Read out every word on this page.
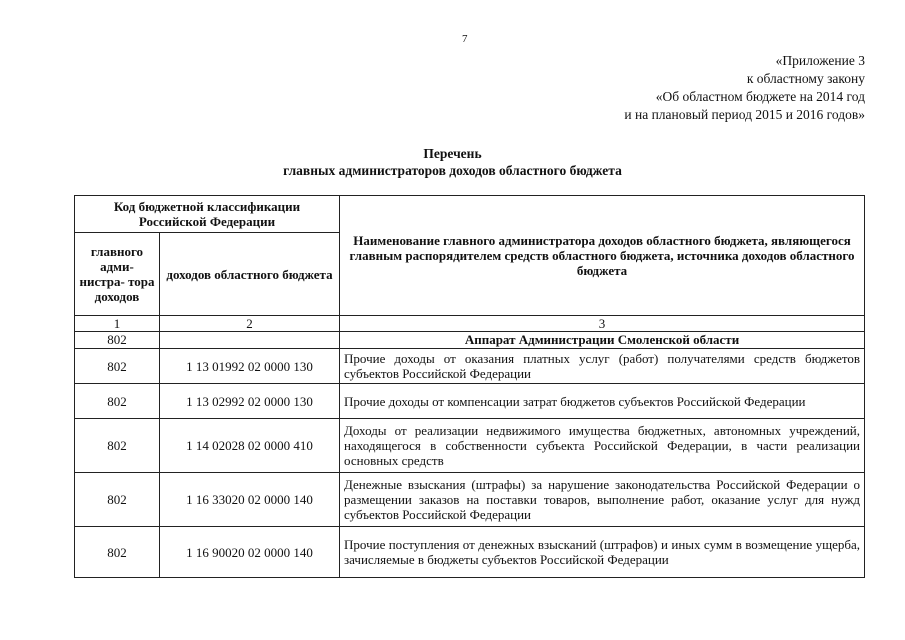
7
«Приложение 3
к областному закону
«Об областном бюджете на 2014 год
и на плановый период 2015 и 2016 годов»
Перечень
главных администраторов доходов областного бюджета
Код бюджетной классификации Российской Федерации		Наименование главного администратора доходов областного бюджета, являющегося главным распорядителем средств областного бюджета, источника доходов областного бюджета
главного адми- нистра- тора доходов	доходов областного бюджета	
1	2	3
802		Аппарат Администрации Смоленской области
802	1 13 01992 02 0000 130	Прочие доходы от оказания платных услуг (работ) получателями средств бюджетов субъектов Российской Федерации
802	1 13 02992 02 0000 130	Прочие доходы от компенсации затрат бюджетов субъектов Российской Федерации
802	1 14 02028 02 0000 410	Доходы от реализации недвижимого имущества бюджетных, автономных учреждений, находящегося в собственности субъекта Российской Федерации, в части реализации основных средств
802	1 16 33020 02 0000 140	Денежные взыскания (штрафы) за нарушение законодательства Российской Федерации о размещении заказов на поставки товаров, выполнение работ, оказание услуг для нужд субъектов Российской Федерации
802	1 16 90020 02 0000 140	Прочие поступления от денежных взысканий (штрафов) и иных сумм в возмещение ущерба, зачисляемые в бюджеты субъектов Российской Федерации
